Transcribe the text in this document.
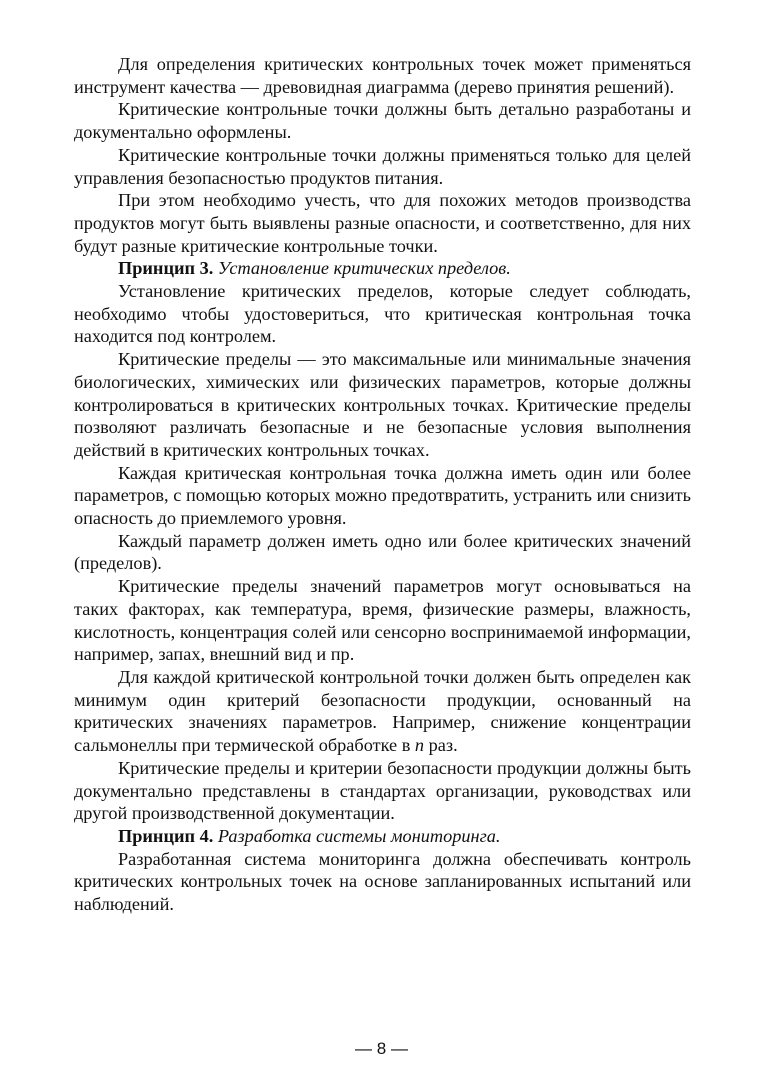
Для определения критических контрольных точек может применяться инструмент качества — древовидная диаграмма (дерево принятия решений).

Критические контрольные точки должны быть детально разработаны и документально оформлены.

Критические контрольные точки должны применяться только для целей управления безопасностью продуктов питания.

При этом необходимо учесть, что для похожих методов производства продуктов могут быть выявлены разные опасности, и соответственно, для них будут разные критические контрольные точки.

Принцип 3. Установление критических пределов.

Установление критических пределов, которые следует соблюдать, необходимо чтобы удостовериться, что критическая контрольная точка находится под контролем.

Критические пределы — это максимальные или минимальные значения биологических, химических или физических параметров, которые должны контролироваться в критических контрольных точках. Критические пределы позволяют различать безопасные и не безопасные условия выполнения действий в критических контрольных точках.

Каждая критическая контрольная точка должна иметь один или более параметров, с помощью которых можно предотвратить, устранить или снизить опасность до приемлемого уровня.

Каждый параметр должен иметь одно или более критических значений (пределов).

Критические пределы значений параметров могут основываться на таких факторах, как температура, время, физические размеры, влажность, кислотность, концентрация солей или сенсорно воспринимаемой информации, например, запах, внешний вид и пр.

Для каждой критической контрольной точки должен быть определен как минимум один критерий безопасности продукции, основанный на критических значениях параметров. Например, снижение концентрации сальмонеллы при термической обработке в n раз.

Критические пределы и критерии безопасности продукции должны быть документально представлены в стандартах организации, руководствах или другой производственной документации.

Принцип 4. Разработка системы мониторинга.

Разработанная система мониторинга должна обеспечивать контроль критических контрольных точек на основе запланированных испытаний или наблюдений.

— 8 —
